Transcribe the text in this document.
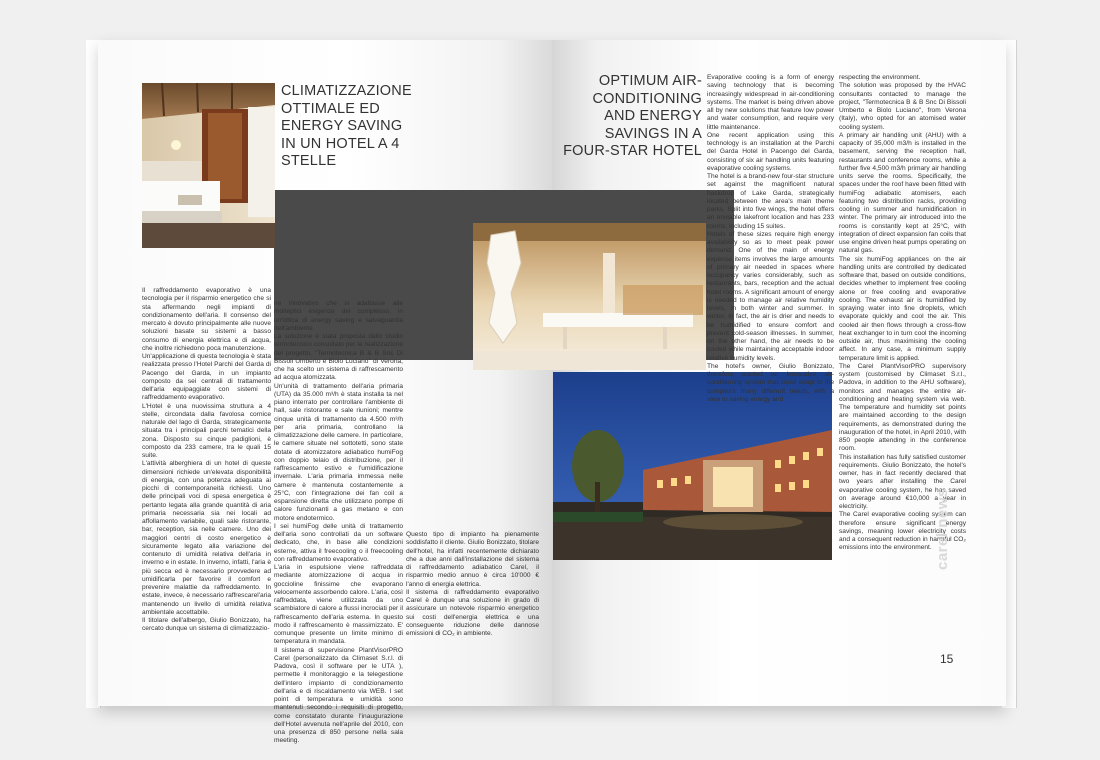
CLIMATIZZAZIONE OTTIMALE ED ENERGY SAVING IN UN HOTEL A 4 STELLE
OPTIMUM AIR-CONDITIONING AND ENERGY SAVINGS IN A FOUR-STAR HOTEL

Il raffreddamento evaporativo è una tecnologia per il risparmio energetico che si sta affermando negli impianti di condizionamento dell'aria. Il consenso del mercato è dovuto principalmente alle nuove soluzioni basate su sistemi a basso consumo di energia elettrica e di acqua, che inoltre richiedono poca manutenzione.
Un'applicazione di questa tecnologia è stata realizzata presso l'Hotel Parchi del Garda di Pacengo del Garda, in un impianto composto da sei centrali di trattamento dell'aria equipaggiate con sistemi di raffreddamento evaporativo.
L'Hotel è una nuovissima struttura a 4 stelle, circondata dalla favolosa cornice naturale del lago di Garda, strategicamente situata tra i principali parchi tematici della zona. Disposto su cinque padiglioni, è composto da 233 camere, tra le quali 15 suite.
L'attività alberghiera di un hotel di queste dimensioni richiede un'elevata disponibilità di energia, con una potenza adeguata ai picchi di contemporaneità richiesti. Uno delle principali voci di spesa energetica è pertanto legata alla grande quantità di aria primaria necessaria sia nei locali ad affollamento variabile, quali sale ristorante, bar, reception, sia nelle camere. Uno dei maggiori centri di costo energetico è sicuramente legato alla variazione del contenuto di umidità relativa dell'aria in inverno e in estate. In inverno, infatti, l'aria è più secca ed è necessario provvedere ad umidificarla per favorire il comfort e prevenire malattie da raffreddamento. In estate, invece, è necessario raffrescarel'aria mantenendo un livello di umidità relativa ambientale accettabile.
Il titolare dell'albergo, Giulio Bonizzato, ha cercato dunque un sistema di climatizzazio-

ne innovativo che si adattasse alle molteplici esigenze del complesso, in un'ottica di energy saving e salvaguardia dell'ambiente.
La soluzione è stata proposta dallo studio termotecnico consultato per la realizzazione del progetto, "Termotecnica B & B Snc Di Bissoli Umberto e Biolo Luciano" di Verona, che ha scelto un sistema di raffrescamento ad acqua atomizzata.
Un'unità di trattamento dell'aria primaria (UTA) da 35.000 m³/h è stata installa ta nel piano interrato per controllare l'ambiente di hall, sale ristorante e sale riunioni; mentre cinque unità di trattamento da 4.500 m³/h per aria primaria, controllano la climatizzazione delle camere. In particolare, le camere situate nel sottotetti, sono state dotate di atomizzatore adiabatico humiFog con doppio telaio di distribuzione, per il raffrescamento estivo e l'umidificazione invernale. L'aria primaria immessa nelle camere è mantenuta costantemente a 25°C, con l'integrazione dei fan coil a espansione diretta che utilizzano pompe di calore funzionanti a gas metano e con motore endotermico.
I sei humiFog delle unità di trattamento dell'aria sono controllati da un software dedicato, che, in base alle condizioni esterne, attiva il freecooling o il freecooling con raffreddamento evaporativo.
L'aria in espulsione viene raffreddata mediante atomizzazione di acqua in goccioline finissime che evaporano velocemente assorbendo calore. L'aria, così raffreddata, viene utilizzata da uno scambiatore di calore a flussi incrociati per il raffrescamento dell'aria esterna. In questo modo il raffrescamento è massimizzato. E' comunque presente un limite minimo di temperatura in mandata.
Il sistema di supervisione PlantVisorPRO Carel (personalizzato da Climaset S.r.l. di Padova, così il software per le UTA ), permette il monitoraggio e la telegestione dell'intero impianto di condizionamento dell'aria e di riscaldamento via WEB. I set point di temperatura e umidità sono mantenuti secondo i requisiti di progetto, come constatato durante l'inaugurazione dell'Hotel avvenuta nell'aprile del 2010, con una presenza di 850 persone nella sala meeting.

Questo tipo di impianto ha pienamente soddisfatto il cliente. Giulio Bonizzato, titolare dell'hotel, ha infatti recentemente dichiarato che a due anni dall'installazione del sistema di raffreddamento adiabatico Carel, il risparmio medio annuo è circa 10'000 € l'anno di energia elettrica.
Il sistema di raffreddamento evaporativo Carel è dunque una soluzione in grado di assicurare un notevole risparmio energetico sui costi dell'energia elettrica e una conseguente riduzione delle dannose emissioni di CO₂ in ambiente.

Evaporative cooling is a form of energy saving technology that is becoming increasingly widespread in air-conditioning systems. The market is being driven above all by new solutions that feature low power and water consumption, and require very little maintenance.
One recent application using this technology is an installation at the Parchi del Garda Hotel in Pacengo del Garda, consisting of six air handling units featuring evaporative cooling systems.
The hotel is a brand-new four-star structure set against the magnificent natural backdrop of Lake Garda, strategically located between the area's main theme parks. Split into five wings, the hotel offers an enviable lakefront location and has 233 rooms, including 15 suites.
Hotels of these sizes require high energy availability so as to meet peak power demand. One of the main of energy expense items involves the large amounts of primary air needed in spaces where occupancy varies considerably, such as restaurants, bars, reception and the actual hotel rooms. A significant amount of energy is needed to manage air relative humidity levels, in both winter and summer. In winter, in fact, the air is drier and needs to be humidified to ensure comfort and prevent cold-season illnesses. In summer, on the other hand, the air needs to be cooled while maintaining acceptable indoor relative humidity levels.
The hotel's owner, Giulio Bonizzato, therefore wanted an innovative air-conditioning system that could adapt to the complex's many different needs, with a view to saving energy and

respecting the environment.
The solution was proposed by the HVAC consultants contacted to manage the project, "Termotecnica B & B Snc Di Bissoli Umberto e Biolo Luciano", from Verona (Italy), who opted for an atomised water cooling system.
A primary air handling unit (AHU) with a capacity of 35,000 m3/h is installed in the basement, serving the reception hall, restaurants and conference rooms, while a further five 4,500 m3/h primary air handling units serve the rooms. Specifically, the spaces under the roof have been fitted with humiFog adiabatic atomisers, each featuring two distribution racks, providing cooling in summer and humidification in winter. The primary air introduced into the rooms is constantly kept at 25°C, with integration of direct expansion fan coils that use engine driven heat pumps operating on natural gas.
The six humiFog appliances on the air handling units are controlled by dedicated software that, based on outside conditions, decides whether to implement free cooling alone or free cooling and evaporative cooling. The exhaust air is humidified by spraying water into fine droplets, which evaporate quickly and cool the air. This cooled air then flows through a cross-flow heat exchanger to in turn cool the incoming outside air, thus maximising the cooling affect. In any case, a minimum supply temperature limit is applied.
The Carel PlantVisorPRO supervisory system (customised by Climaset S.r.l., Padova, in addition to the AHU software), monitors and manages the entire air-conditioning and heating system via web. The temperature and humidity set points are maintained according to the design requirements, as demonstrated during the inauguration of the hotel, in April 2010, with 850 people attending in the conference room.
This installation has fully satisfied customer requirements. Giulio Bonizzato, the hotel's owner, has in fact recently declared that two years after installing the Carel evaporative cooling system, he has saved on average around €10,000 a year in electricity.
The Carel evaporative cooling system can therefore ensure significant energy savings, meaning lower electricity costs and a consequent reduction in harmful CO₂ emissions into the environment. carel news
15
